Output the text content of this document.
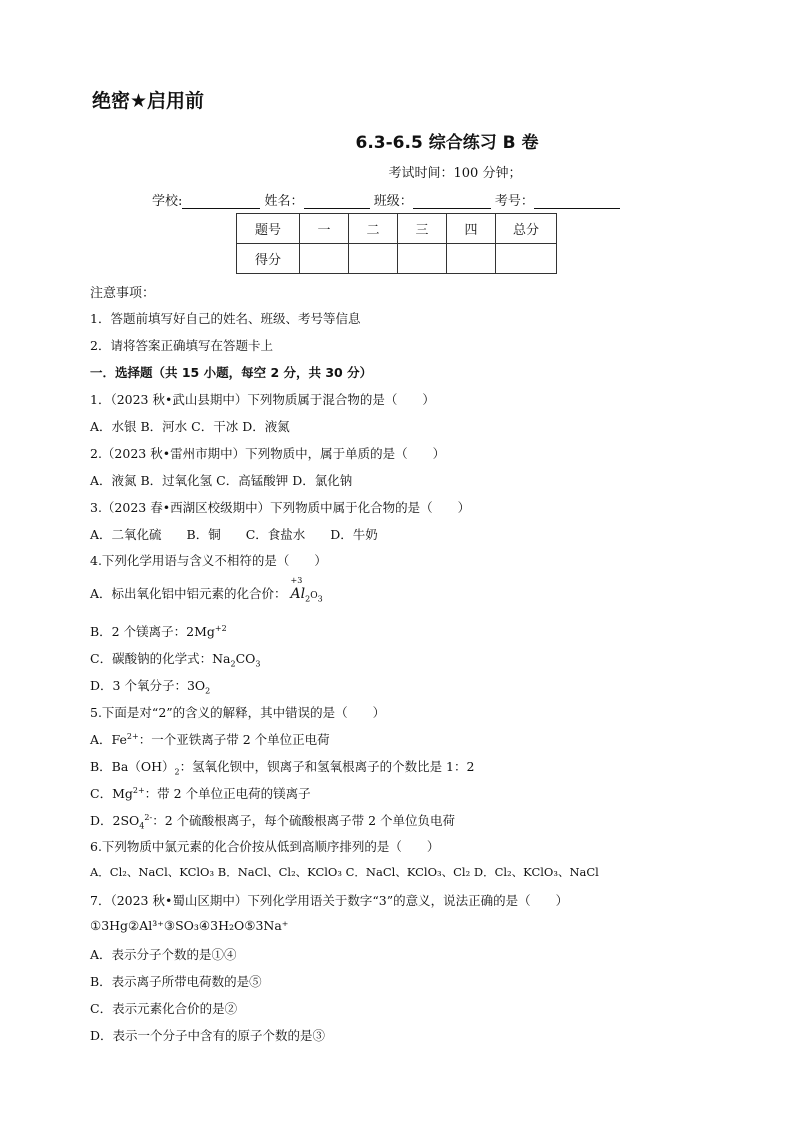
绝密★启用前
6.3-6.5 综合练习 B 卷
考试时间：100 分钟；
学校:	姓名：	班级：	考号：
题号	一	二	三	四	总分
得分					
注意事项：
1．答题前填写好自己的姓名、班级、考号等信息
2．请将答案正确填写在答题卡上
一．选择题（共 15 小题，每空 2 分，共 30 分）
1．（2023 秋•武山县期中）下列物质属于混合物的是（　　）
A．水银 B．河水 C．干冰 D．液氮
2.（2023 秋•雷州市期中）下列物质中，属于单质的是（　　）
A．液氮 B．过氧化氢 C．高锰酸钾 D．氯化钠
3.（2023 春•西湖区校级期中）下列物质中属于化合物的是（　　）
A．二氧化硫　　B．铜　　C．食盐水　　D．牛奶
4.下列化学用语与含义不相符的是（　　）
A．标出氧化铝中铝元素的化合价：
+3
$Al_2O_3$
B．2 个镁离子：$2Mg^{+2}$
C．碳酸钠的化学式：$Na_2CO_3$
D．3 个氧分子：$3O_2$
5.下面是对“2”的含义的解释，其中错误的是（　　）
A．$Fe^{2+}$：一个亚铁离子带 2 个单位正电荷
B．$Ba(OH)_2$：氢氧化钡中，钡离子和氢氧根离子的个数比是 1：2
C．$Mg^{2+}$：带 2 个单位正电荷的镁离子
D．$2SO_4^{2-}$：2 个硫酸根离子，每个硫酸根离子带 2 个单位负电荷
6.下列物质中氯元素的化合价按从低到高顺序排列的是（　　）
A．Cl₂、NaCl、KClO₃ B．NaCl、Cl₂、KClO₃ C．NaCl、KClO₃、Cl₂ D．Cl₂、KClO₃、NaCl
7．（2023 秋•蜀山区期中）下列化学用语关于数字“3”的意义，说法正确的是（　　）
①3Hg②Al³⁺③SO₃④3H₂O⑤3Na⁺
A．表示分子个数的是①④
B．表示离子所带电荷数的是⑤
C．表示元素化合价的是②
D．表示一个分子中含有的原子个数的是③
